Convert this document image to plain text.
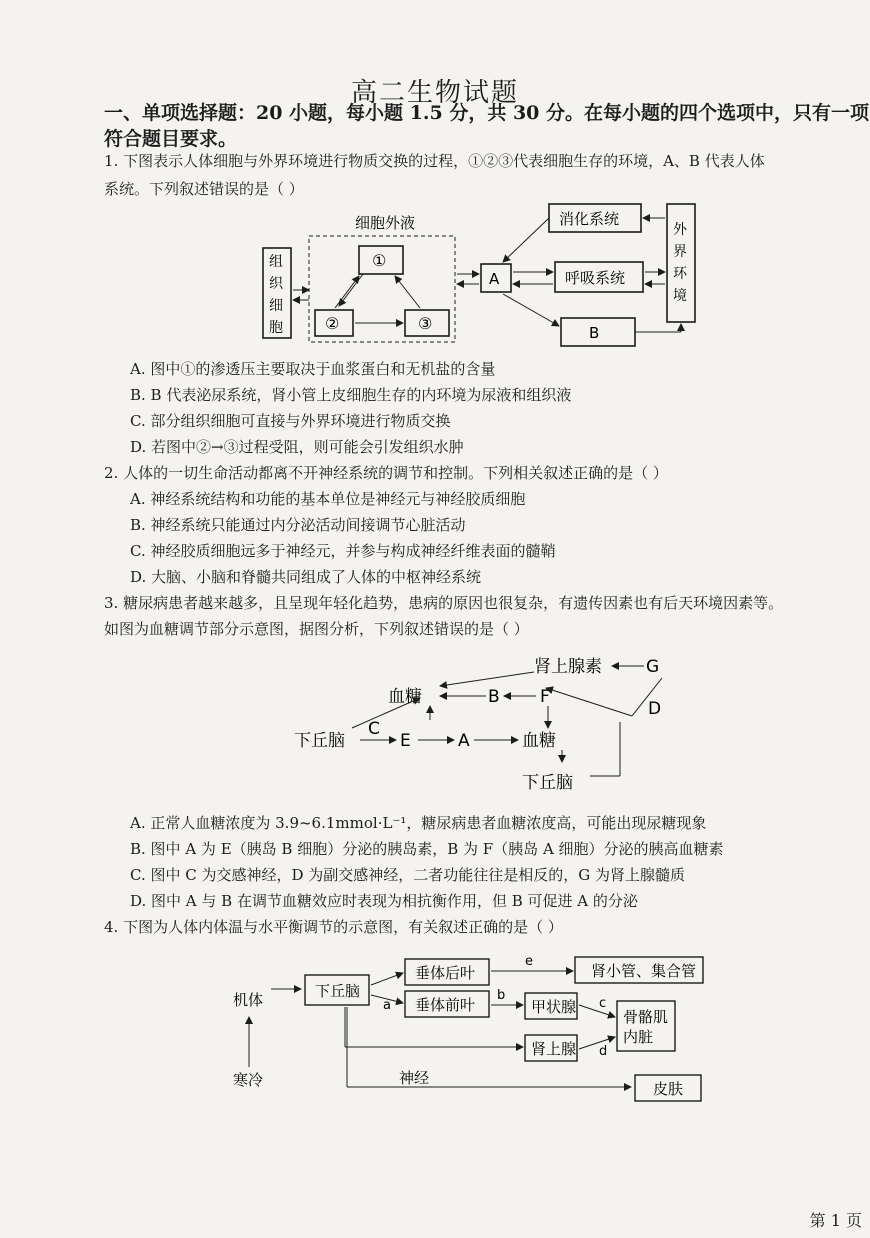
高二生物试题
一、单项选择题：20 小题，每小题 1.5 分，共 30 分。在每小题的四个选项中，只有一项
符合题目要求。
1. 下图表示人体细胞与外界环境进行物质交换的过程，①②③代表细胞生存的环境，A、B 代表人体
系统。下列叙述错误的是（ ）
细胞外液
组
织
细
胞
①
②	③
A
消化系统
呼吸系统
B
外
界
环
境
A. 图中①的渗透压主要取决于血浆蛋白和无机盐的含量
B. B 代表泌尿系统，肾小管上皮细胞生存的内环境为尿液和组织液
C. 部分组织细胞可直接与外界环境进行物质交换
D. 若图中②→③过程受阻，则可能会引发组织水肿
2. 人体的一切生命活动都离不开神经系统的调节和控制。下列相关叙述正确的是（ ）
A. 神经系统结构和功能的基本单位是神经元与神经胶质细胞
B. 神经系统只能通过内分泌活动间接调节心脏活动
C. 神经胶质细胞远多于神经元，并参与构成神经纤维表面的髓鞘
D. 大脑、小脑和脊髓共同组成了人体的中枢神经系统
3. 糖尿病患者越来越多，且呈现年轻化趋势，患病的原因也很复杂，有遗传因素也有后天环境因素等。
如图为血糖调节部分示意图，据图分析，下列叙述错误的是（ ）
肾上腺素	G
血糖	B F
D
下丘脑
C
E	A	血糖
下丘脑
A. 正常人血糖浓度为 3.9~6.1mmol·L⁻¹，糖尿病患者血糖浓度高，可能出现尿糖现象
B. 图中 A 为 E（胰岛 B 细胞）分泌的胰岛素，B 为 F（胰岛 A 细胞）分泌的胰高血糖素
C. 图中 C 为交感神经，D 为副交感神经，二者功能往往是相反的，G 为肾上腺髓质
D. 图中 A 与 B 在调节血糖效应时表现为相抗衡作用，但 B 可促进 A 的分泌
4. 下图为人体内体温与水平衡调节的示意图，有关叙述正确的是（ ）
机体
寒冷
下丘脑
垂体后叶
垂体前叶
a
肾小管、集合管
e
甲状腺
b
肾上腺
骨骼肌
内脏
c
d
神经
皮肤
第 1 页
